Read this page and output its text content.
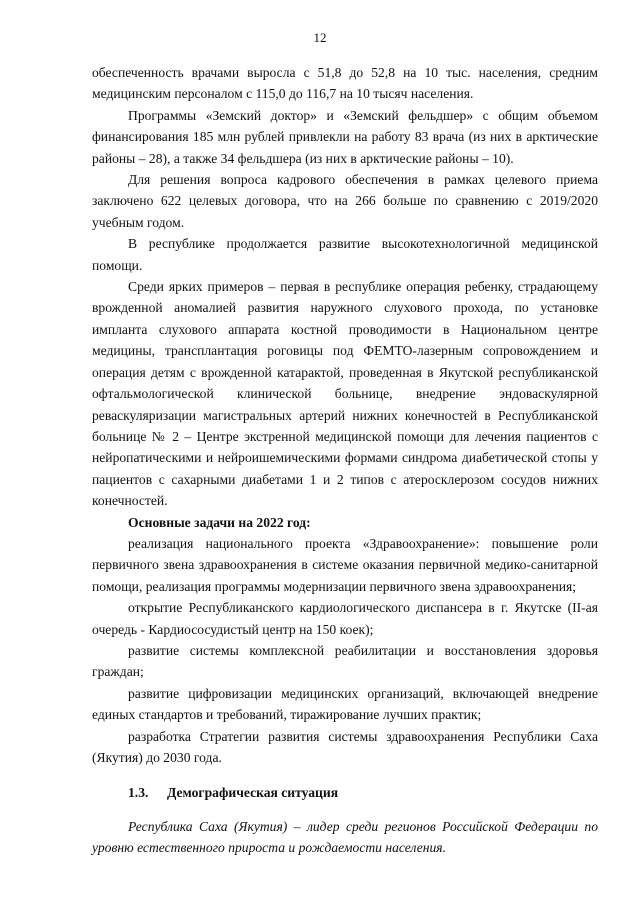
12

обеспеченность врачами выросла с 51,8 до 52,8 на 10 тыс. населения, средним медицинским персоналом с 115,0 до 116,7 на 10 тысяч населения.

Программы «Земский доктор» и «Земский фельдшер» с общим объемом финансирования 185 млн рублей привлекли на работу 83 врача (из них в арктические районы – 28), а также 34 фельдшера (из них в арктические районы – 10).

Для решения вопроса кадрового обеспечения в рамках целевого приема заключено 622 целевых договора, что на 266 больше по сравнению с 2019/2020 учебным годом.

В республике продолжается развитие высокотехнологичной медицинской помощи.

Среди ярких примеров – первая в республике операция ребенку, страдающему врожденной аномалией развития наружного слухового прохода, по установке импланта слухового аппарата костной проводимости в Национальном центре медицины, трансплантация роговицы под ФЕМТО-лазерным сопровождением и операция детям с врожденной катарактой, проведенная в Якутской республиканской офтальмологической клинической больнице, внедрение эндоваскулярной реваскуляризации магистральных артерий нижних конечностей в Республиканской больнице № 2 – Центре экстренной медицинской помощи для лечения пациентов с нейропатическими и нейроишемическими формами синдрома диабетической стопы у пациентов с сахарными диабетами 1 и 2 типов с атеросклерозом сосудов нижних конечностей.

Основные задачи на 2022 год:

реализация национального проекта «Здравоохранение»: повышение роли первичного звена здравоохранения в системе оказания первичной медико-санитарной помощи, реализация программы модернизации первичного звена здравоохранения;

открытие Республиканского кардиологического диспансера в г. Якутске (II-ая очередь - Кардиососудистый центр на 150 коек);

развитие системы комплексной реабилитации и восстановления здоровья граждан;

развитие цифровизации медицинских организаций, включающей внедрение единых стандартов и требований, тиражирование лучших практик;

разработка Стратегии развития системы здравоохранения Республики Саха (Якутия) до 2030 года.

1.3. Демографическая ситуация

Республика Саха (Якутия) – лидер среди регионов Российской Федерации по уровню естественного прироста и рождаемости населения.
